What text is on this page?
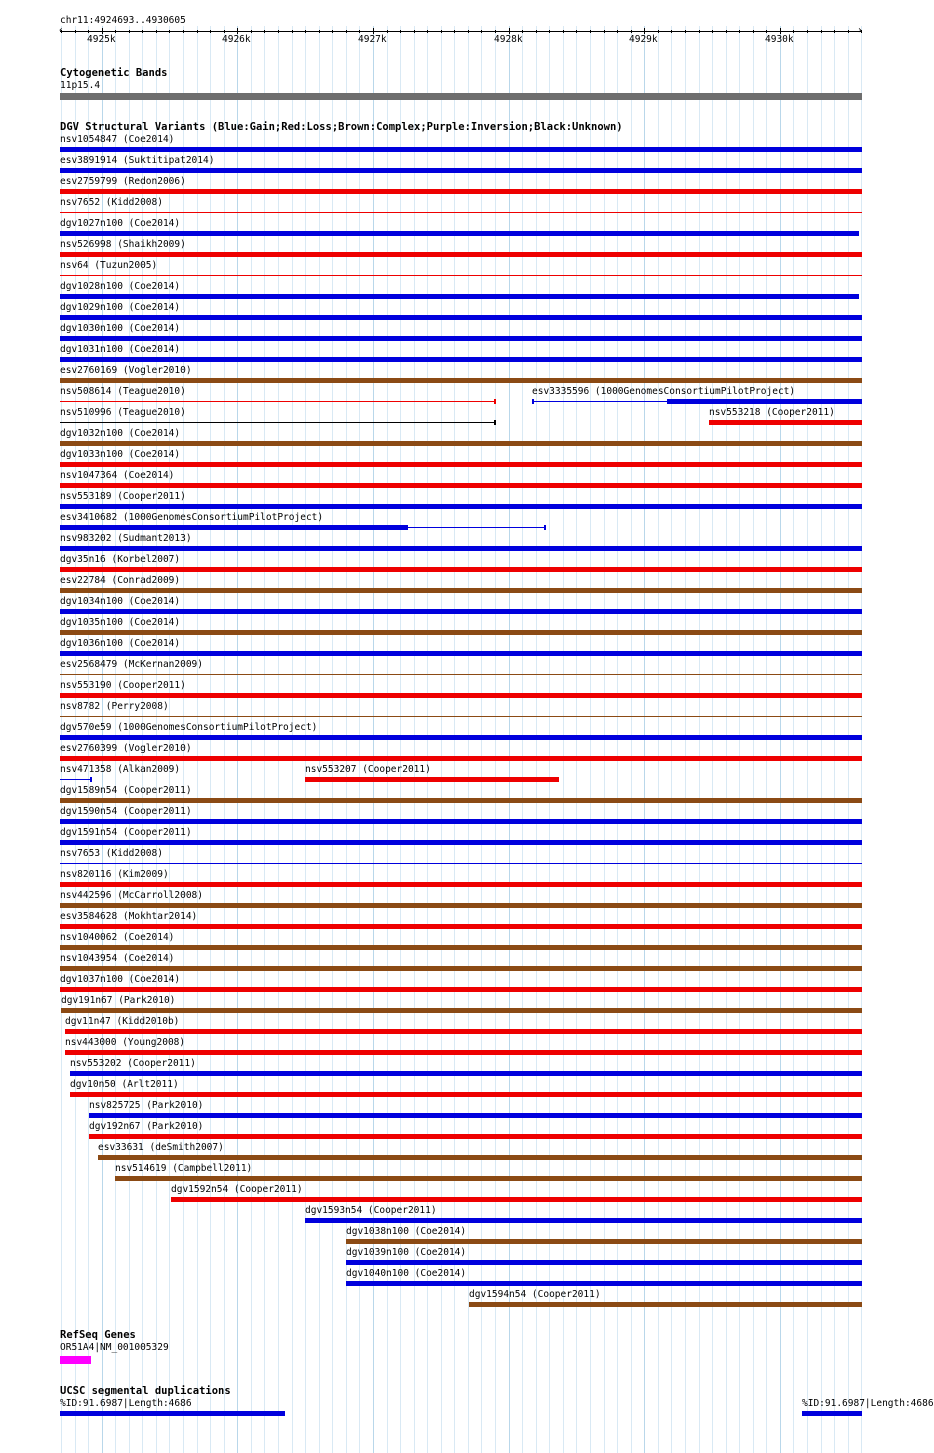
chr11:4924693..4930605
4925k	4926k	4927k	4928k	4929k	4930k
‹	›
Cytogenetic Bands
11p15.4
DGV Structural Variants (Blue:Gain;Red:Loss;Brown:Complex;Purple:Inversion;Black:Unknown)
nsv1054847 (Coe2014)
esv3891914 (Suktitipat2014)
esv2759799 (Redon2006)
nsv7652 (Kidd2008)
dgv1027n100 (Coe2014)
nsv526998 (Shaikh2009)
nsv64 (Tuzun2005)
dgv1028n100 (Coe2014)
dgv1029n100 (Coe2014)
dgv1030n100 (Coe2014)
dgv1031n100 (Coe2014)
esv2760169 (Vogler2010)
nsv508614 (Teague2010)	esv3335596 (1000GenomesConsortiumPilotProject)
nsv510996 (Teague2010)	nsv553218 (Cooper2011)
dgv1032n100 (Coe2014)
dgv1033n100 (Coe2014)
nsv1047364 (Coe2014)
nsv553189 (Cooper2011)
esv3410682 (1000GenomesConsortiumPilotProject)
nsv983202 (Sudmant2013)
dgv35n16 (Korbel2007)
esv22784 (Conrad2009)
dgv1034n100 (Coe2014)
dgv1035n100 (Coe2014)
dgv1036n100 (Coe2014)
esv2568479 (McKernan2009)
nsv553190 (Cooper2011)
nsv8782 (Perry2008)
dgv570e59 (1000GenomesConsortiumPilotProject)
esv2760399 (Vogler2010)
nsv471358 (Alkan2009)	nsv553207 (Cooper2011)
dgv1589n54 (Cooper2011)
dgv1590n54 (Cooper2011)
dgv1591n54 (Cooper2011)
nsv7653 (Kidd2008)
nsv820116 (Kim2009)
nsv442596 (McCarroll2008)
esv3584628 (Mokhtar2014)
nsv1040062 (Coe2014)
nsv1043954 (Coe2014)
dgv1037n100 (Coe2014)
dgv191n67 (Park2010)
dgv11n47 (Kidd2010b)
nsv443000 (Young2008)
nsv553202 (Cooper2011)
dgv10n50 (Arlt2011)
nsv825725 (Park2010)
dgv192n67 (Park2010)
esv33631 (deSmith2007)
nsv514619 (Campbell2011)
dgv1592n54 (Cooper2011)
dgv1593n54 (Cooper2011)
dgv1038n100 (Coe2014)
dgv1039n100 (Coe2014)
dgv1040n100 (Coe2014)
dgv1594n54 (Cooper2011)
RefSeq Genes
OR51A4|NM_001005329
UCSC segmental duplications
%ID:91.6987|Length:4686	%ID:91.6987|Length:4686
